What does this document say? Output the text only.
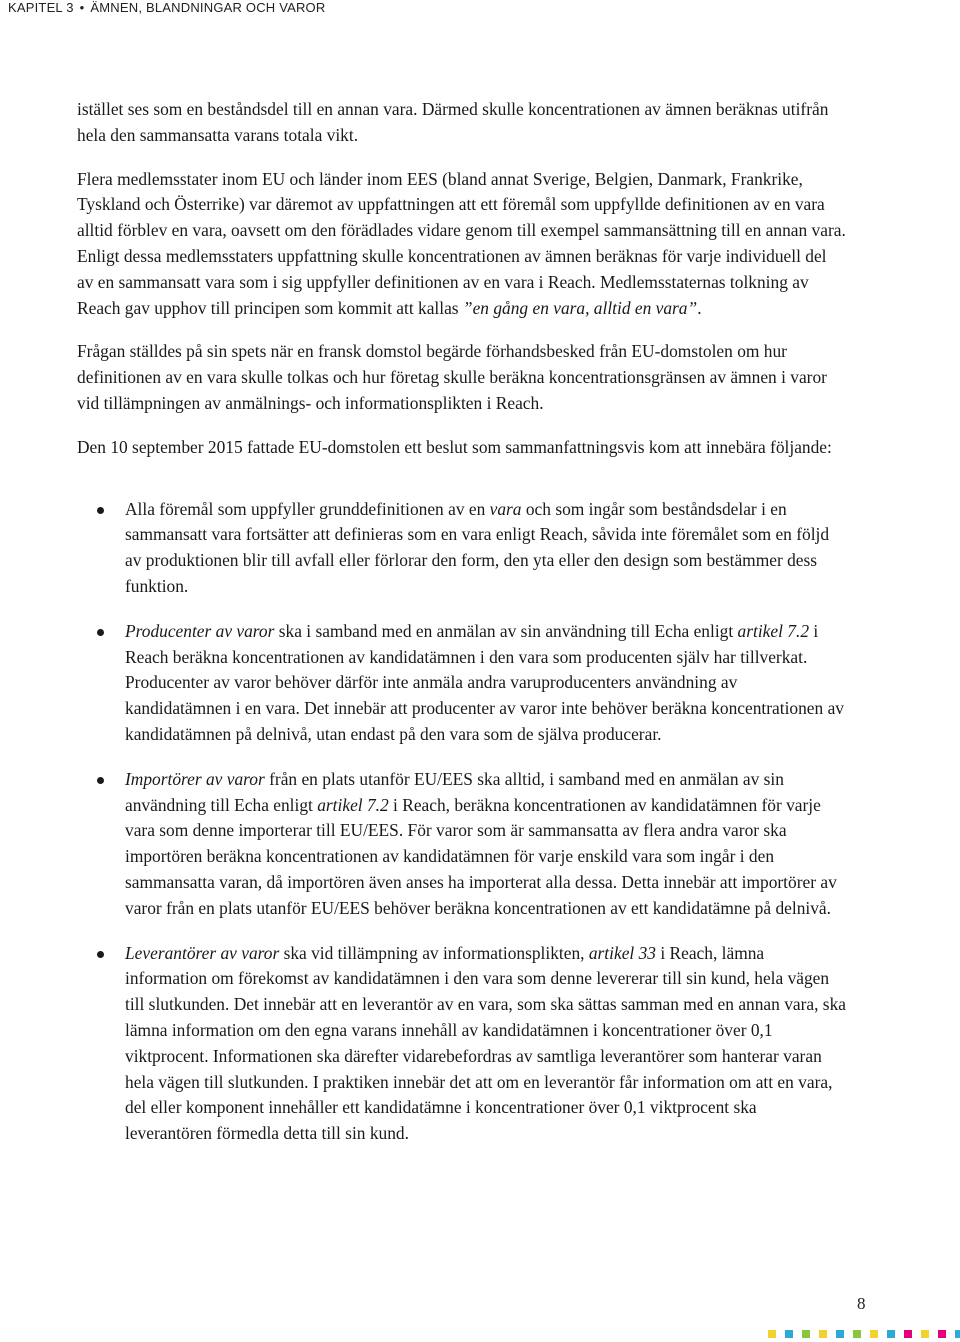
KAPITEL 3 • ÄMNEN, BLANDNINGAR OCH VAROR

istället ses som en beståndsdel till en annan vara. Därmed skulle koncentrationen av ämnen beräknas utifrån hela den sammansatta varans totala vikt.

Flera medlemsstater inom EU och länder inom EES (bland annat Sverige, Belgien, Danmark, Frankrike, Tyskland och Österrike) var däremot av uppfattningen att ett föremål som uppfyllde definitionen av en vara alltid förblev en vara, oavsett om den förädlades vidare genom till exempel sammansättning till en annan vara. Enligt dessa medlemsstaters uppfattning skulle koncentrationen av ämnen beräknas för varje individuell del av en sammansatt vara som i sig uppfyller definitionen av en vara i Reach. Medlemsstaternas tolkning av Reach gav upphov till principen som kommit att kallas ”en gång en vara, alltid en vara”.

Frågan ställdes på sin spets när en fransk domstol begärde förhandsbesked från EU-domstolen om hur definitionen av en vara skulle tolkas och hur företag skulle beräkna koncentrationsgränsen av ämnen i varor vid tillämpningen av anmälnings- och informationsplikten i Reach.

Den 10 september 2015 fattade EU-domstolen ett beslut som sammanfattningsvis kom att innebära följande:

Alla föremål som uppfyller grunddefinitionen av en vara och som ingår som beståndsdelar i en sammansatt vara fortsätter att definieras som en vara enligt Reach, såvida inte föremålet som en följd av produktionen blir till avfall eller förlorar den form, den yta eller den design som bestämmer dess funktion.

Producenter av varor ska i samband med en anmälan av sin användning till Echa enligt artikel 7.2 i Reach beräkna koncentrationen av kandidatämnen i den vara som producenten själv har tillverkat. Producenter av varor behöver därför inte anmäla andra varuproducenters användning av kandidatämnen i en vara. Det innebär att producenter av varor inte behöver beräkna koncentrationen av kandidatämnen på delnivå, utan endast på den vara som de själva producerar.

Importörer av varor från en plats utanför EU/EES ska alltid, i samband med en anmälan av sin användning till Echa enligt artikel 7.2 i Reach, beräkna koncentrationen av kandidatämnen för varje vara som denne importerar till EU/EES. För varor som är sammansatta av flera andra varor ska importören beräkna koncentrationen av kandidatämnen för varje enskild vara som ingår i den sammansatta varan, då importören även anses ha importerat alla dessa. Detta innebär att importörer av varor från en plats utanför EU/EES behöver beräkna koncentrationen av ett kandidatämne på delnivå.

Leverantörer av varor ska vid tillämpning av informationsplikten, artikel 33 i Reach, lämna information om förekomst av kandidatämnen i den vara som denne levererar till sin kund, hela vägen till slutkunden. Det innebär att en leverantör av en vara, som ska sättas samman med en annan vara, ska lämna information om den egna varans innehåll av kandidatämnen i koncentrationer över 0,1 viktprocent. Informationen ska därefter vidarebefordras av samtliga leverantörer som hanterar varan hela vägen till slutkunden. I praktiken innebär det att om en leverantör får information om att en vara, del eller komponent innehåller ett kandidatämne i koncentrationer över 0,1 viktprocent ska leverantören förmedla detta till sin kund.

8
